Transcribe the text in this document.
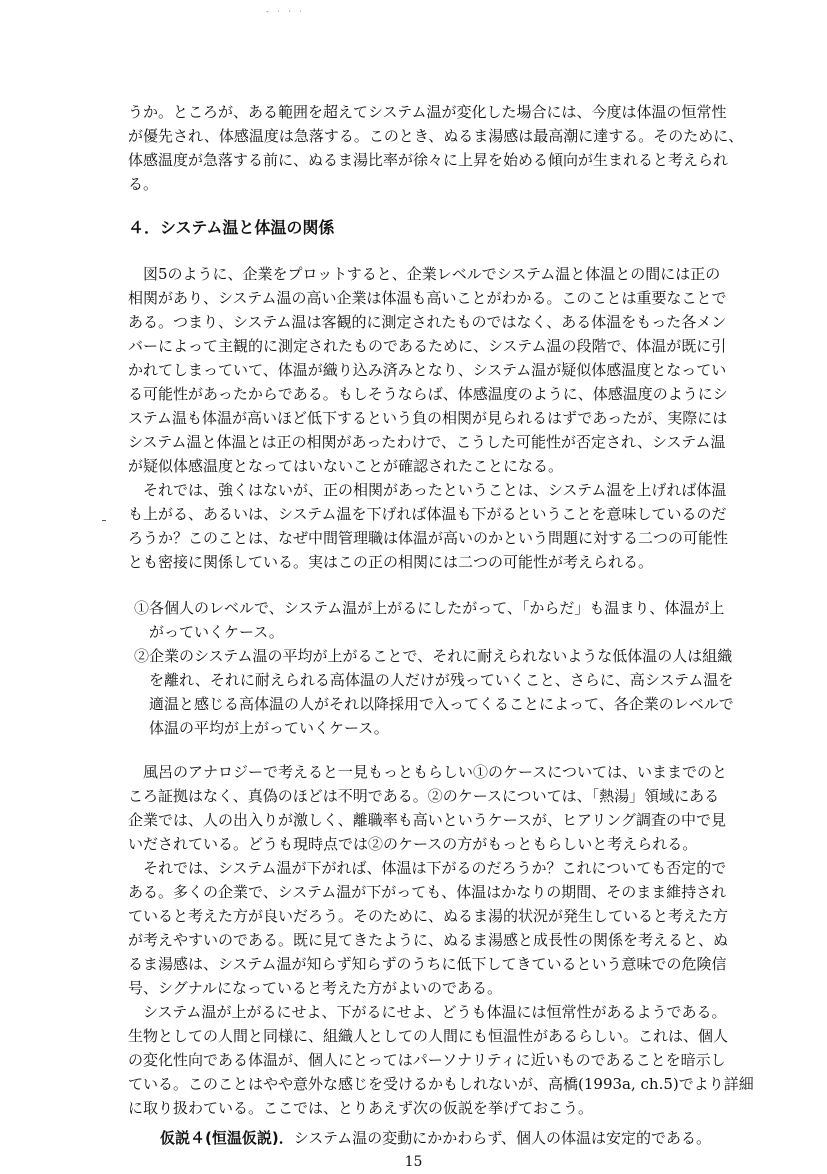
- · · ·
うか。ところが、ある範囲を超えてシステム温が変化した場合には、今度は体温の恒常性
が優先され、体感温度は急落する。このとき、ぬるま湯感は最高潮に達する。そのために、
体感温度が急落する前に、ぬるま湯比率が徐々に上昇を始める傾向が生まれると考えられ
る。
４．システム温と体温の関係
図5のように、企業をプロットすると、企業レベルでシステム温と体温との間には正の
相関があり、システム温の高い企業は体温も高いことがわかる。このことは重要なことで
ある。つまり、システム温は客観的に測定されたものではなく、ある体温をもった各メン
バーによって主観的に測定されたものであるために、システム温の段階で、体温が既に引
かれてしまっていて、体温が織り込み済みとなり、システム温が疑似体感温度となってい
る可能性があったからである。もしそうならば、体感温度のように、体感温度のようにシ
ステム温も体温が高いほど低下するという負の相関が見られるはずであったが、実際には
システム温と体温とは正の相関があったわけで、こうした可能性が否定され、システム温
が疑似体感温度となってはいないことが確認されたことになる。
それでは、強くはないが、正の相関があったということは、システム温を上げれば体温
も上がる、あるいは、システム温を下げれば体温も下がるということを意味しているのだ
ろうか？このことは、なぜ中間管理職は体温が高いのかという問題に対する二つの可能性
とも密接に関係している。実はこの正の相関には二つの可能性が考えられる。
①各個人のレベルで、システム温が上がるにしたがって、「からだ」も温まり、体温が上
　がっていくケース。
②企業のシステム温の平均が上がることで、それに耐えられないような低体温の人は組織
　を離れ、それに耐えられる高体温の人だけが残っていくこと、さらに、高システム温を
　適温と感じる高体温の人がそれ以降採用で入ってくることによって、各企業のレベルで
　体温の平均が上がっていくケース。
風呂のアナロジーで考えると一見もっともらしい①のケースについては、いままでのと
ころ証拠はなく、真偽のほどは不明である。②のケースについては、「熱湯」領域にある
企業では、人の出入りが激しく、離職率も高いというケースが、ヒアリング調査の中で見
いだされている。どうも現時点では②のケースの方がもっともらしいと考えられる。
それでは、システム温が下がれば、体温は下がるのだろうか？これについても否定的で
ある。多くの企業で、システム温が下がっても、体温はかなりの期間、そのまま維持され
ていると考えた方が良いだろう。そのために、ぬるま湯的状況が発生していると考えた方
が考えやすいのである。既に見てきたように、ぬるま湯感と成長性の関係を考えると、ぬ
るま湯感は、システム温が知らず知らずのうちに低下してきているという意味での危険信
号、シグナルになっていると考えた方がよいのである。
システム温が上がるにせよ、下がるにせよ、どうも体温には恒常性があるようである。
生物としての人間と同様に、組織人としての人間にも恒温性があるらしい。これは、個人
の変化性向である体温が、個人にとってはパーソナリティに近いものであることを暗示し
ている。このことはやや意外な感じを受けるかもしれないが、高橋(1993a, ch.5)でより詳細
に取り扱わている。ここでは、とりあえず次の仮説を挙げておこう。
仮説４(恒温仮説)．システム温の変動にかかわらず、個人の体温は安定的である。
15
